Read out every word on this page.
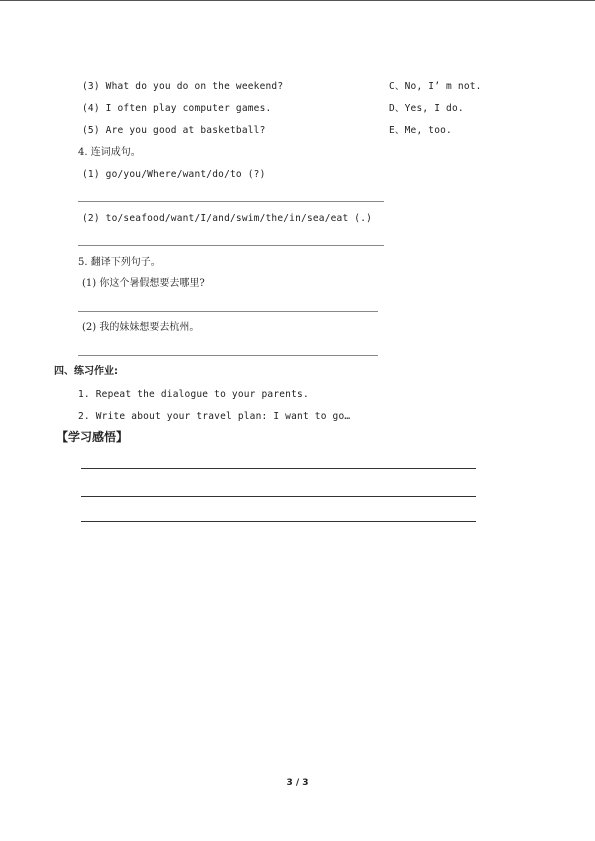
(3) What do you do on the weekend?	C、No, I’ m not.
(4) I often play computer games.	D、Yes, I do.
(5) Are you good at basketball?	E、Me, too.
4. 连词成句。
(1) go/you/Where/want/do/to (?)
(2) to/seafood/want/I/and/swim/the/in/sea/eat (.)
5. 翻译下列句子。
(1) 你这个暑假想要去哪里?
(2) 我的妹妹想要去杭州。
四、练习作业:
1. Repeat the dialogue to your parents.
2. Write about your travel plan: I want to go…
【学习感悟】
3 / 3
